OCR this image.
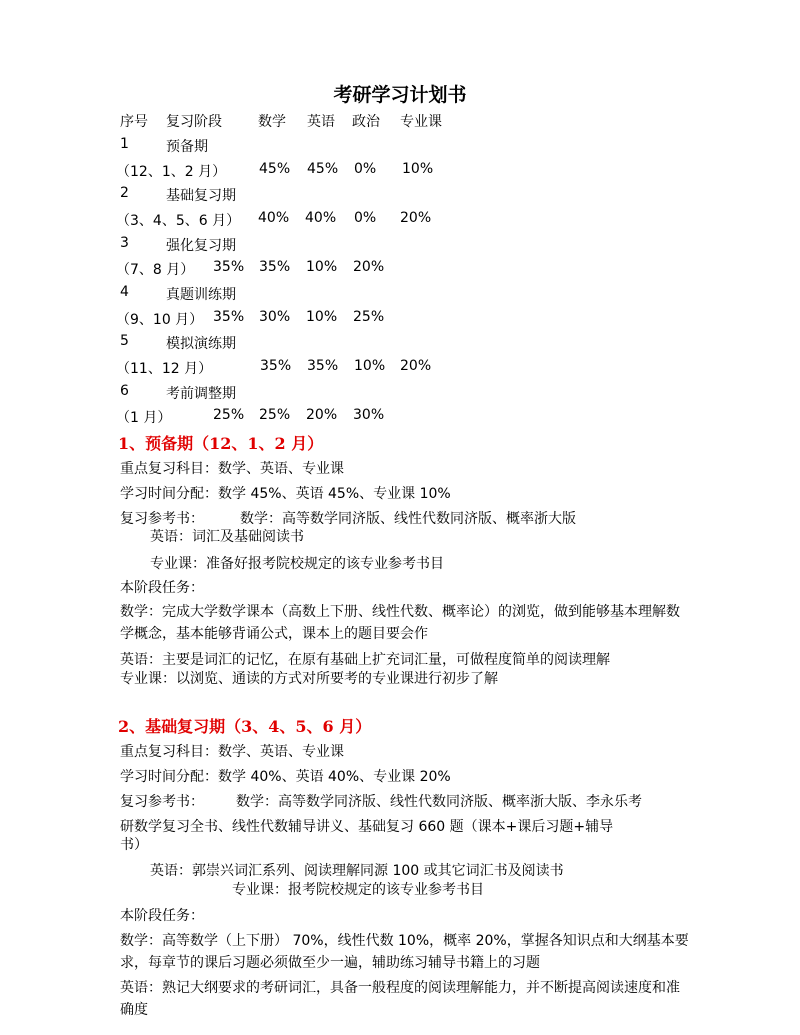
考研学习计划书
序号 复习阶段	数学 英语 政治 专业课
1	预备期
（12、1、2 月） 45% 45% 0% 10%
2	基础复习期
（3、4、5、6 月） 40% 40% 0% 20%
3	强化复习期
（7、8 月） 35% 35% 10% 20%
4	真题训练期
（9、10 月） 35% 30% 10% 25%
5	模拟演练期
（11、12 月）	35% 35% 10% 20%
6	考前调整期
（1 月）	25% 25% 20% 30%
1、预备期（12、1、2 月）
重点复习科目：数学、英语、专业课
学习时间分配：数学 45%、英语 45%、专业课 10%
复习参考书：	数学：高等数学同济版、线性代数同济版、概率浙大版
英语：词汇及基础阅读书
专业课：准备好报考院校规定的该专业参考书目
本阶段任务：
数学：完成大学数学课本（高数上下册、线性代数、概率论）的浏览，做到能够基本理解数学概念，基本能够背诵公式，课本上的题目要会作
英语：主要是词汇的记忆，在原有基础上扩充词汇量，可做程度简单的阅读理解
专业课：以浏览、通读的方式对所要考的专业课进行初步了解
2、基础复习期（3、4、5、6 月）
重点复习科目：数学、英语、专业课
学习时间分配：数学 40%、英语 40%、专业课 20%
复习参考书： 数学：高等数学同济版、线性代数同济版、概率浙大版、李永乐考
研数学复习全书、线性代数辅导讲义、基础复习 660 题（课本+课后习题+辅导
书）
英语：郭崇兴词汇系列、阅读理解同源 100 或其它词汇书及阅读书
专业课：报考院校规定的该专业参考书目
本阶段任务：
数学：高等数学（上下册） 70%，线性代数 10%，概率 20%，掌握各知识点和大纲基本要求，每章节的课后习题必须做至少一遍，辅助练习辅导书籍上的习题
英语：熟记大纲要求的考研词汇，具备一般程度的阅读理解能力，并不断提高阅读速度和准确度
